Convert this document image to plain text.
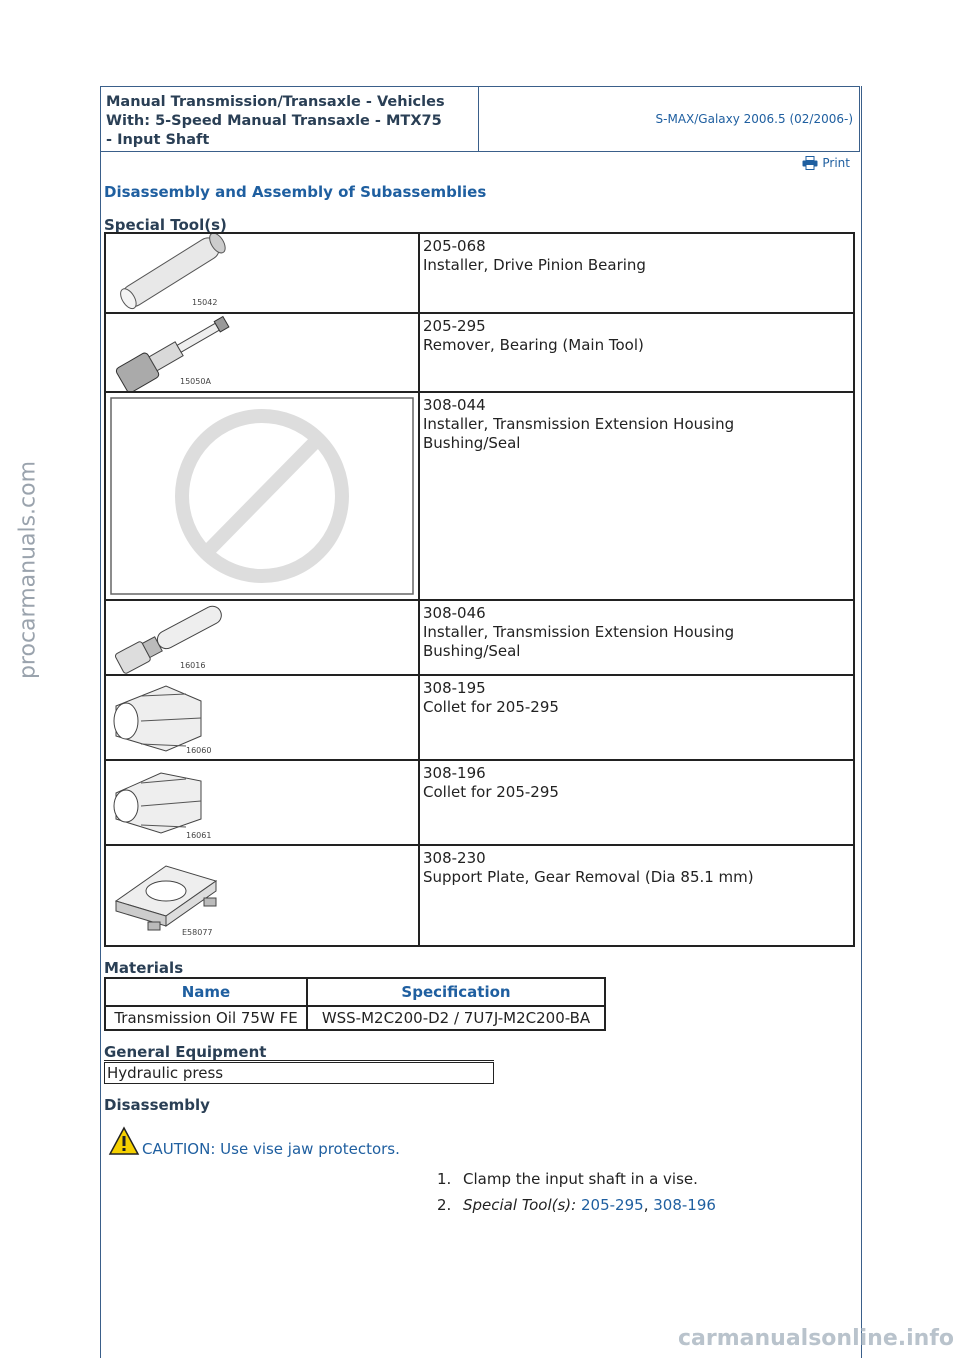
Manual Transmission/Transaxle - Vehicles
With: 5-Speed Manual Transaxle - MTX75
- Input Shaft
S-MAX/Galaxy 2006.5 (02/2006-)
Print
Disassembly and Assembly of Subassemblies
Special Tool(s)
15042	205-068
Installer, Drive Pinion Bearing

15050A	205-295
Remover, Bearing (Main Tool)

308-044
Installer, Transmission Extension Housing Bushing/Seal

16016	308-046
Installer, Transmission Extension Housing Bushing/Seal

16060	308-195
Collet for 205-295

16061	308-196
Collet for 205-295

E58077	308-230
Support Plate, Gear Removal (Dia 85.1 mm)
Materials
Name	Specification
Transmission Oil 75W FE	WSS-M2C200-D2 / 7U7J-M2C200-BA
General Equipment
Hydraulic press
Disassembly
CAUTION: Use vise jaw protectors.
1. Clamp the input shaft in a vise.
2. Special Tool(s): 205-295, 308-196
procarmanuals.com
carmanualsonline.info
